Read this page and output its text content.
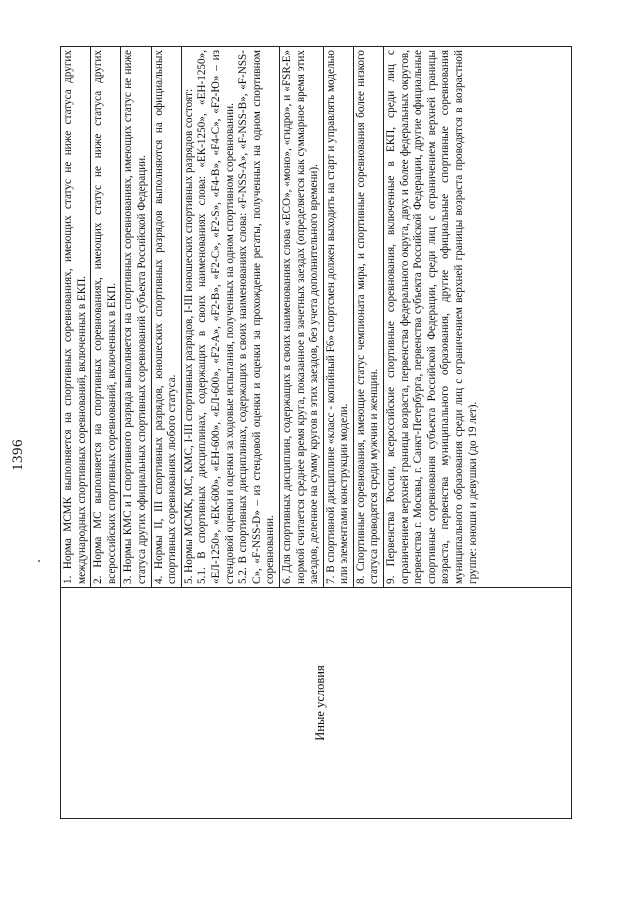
1396
Иные условия

1. Норма МСМК выполняется на спортивных соревнованиях, имеющих статус не ниже статуса других международных спортивных соревнований, включенных в ЕКП. 2. Норма МС выполняется на спортивных соревнованиях, имеющих статус не ниже статуса других всероссийских спортивных соревнований, включенных в ЕКП. 3. Нормы КМС и I спортивного разряда выполняется на спортивных соревнованиях, имеющих статус не ниже статуса других официальных спортивных соревнований субъекта Российской Федерации. 4. Нормы II, III спортивных разрядов, юношеских спортивных разрядов выполняются на официальных спортивных соревнованиях любого статуса. 5. Нормы МСМК, МС, КМС, I-III спортивных разрядов, I-III юношеских спортивных разрядов состоят: 5.1. В спортивных дисциплинах, содержащих в своих наименованиях слова: «ЕК-1250», «ЕН-1250», «ЕЛ-1250», «ЕК-600», «ЕН-600», «ЕЛ-600», «F2-А», «F2-В», «F2-С», «F2-S», «F4-В», «F4-С», «F2-Ю» – из стендовой оценки и оценки за ходовые испытания, полученных на одном спортивном соревновании. 5.2. В спортивных дисциплинах, содержащих в своих наименованиях слова: «F-NSS-А», «F-NSS-В», «F-NSS-С», «F-NSS-D» – из стендовой оценки и оценки за прохождение регаты, полученных на одном спортивном соревновании. 6. Для спортивных дисциплин, содержащих в своих наименованиях слова «ЕСО», «моно», «гидро», и «FSR-Е» нормой считается среднее время круга, показанное в зачетных заездах (определяется как суммарное время этих заездов, деленное на сумму кругов в этих заездов, без учета дополнительного времени). 7. В спортивной дисциплине «класс - копийный F6» спортсмен должен выходить на старт и управлять моделью или элементами конструкции модели. 8. Спортивные соревнования, имеющие статус чемпионата мира, и спортивные соревнования более низкого статуса проводятся среди мужчин и женщин. 9. Первенства России, всероссийские спортивные соревнования, включенные в ЕКП, среди лиц с ограничением верхней границы возраста, первенства федерального округа, двух и более федеральных округов, первенства г. Москвы, г. Санкт-Петербурга, первенства субъекта Российской Федерации, другие официальные спортивные соревнования субъекта Российской Федерации, среди лиц с ограничением верхней границы возраста, первенства муниципального образования, другие официальные спортивные соревнования муниципального образования среди лиц с ограничением верхней границы возраста проводятся в возрастной группе: юноши и девушки (до 19 лет).
